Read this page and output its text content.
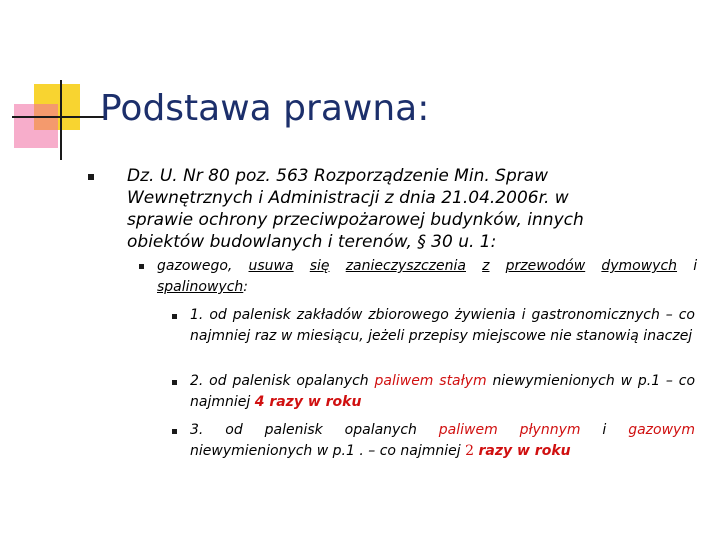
Podstawa prawna:
Dz. U. Nr 80 poz. 563 Rozporządzenie Min. Spraw Wewnętrznych i Administracji z dnia 21.04.2006r. w sprawie ochrony przeciwpożarowej budynków, innych obiektów budowlanych i terenów, § 30 u. 1:
gazowego, usuwa się zanieczyszczenia z przewodów dymowych i spalinowych:
1. od palenisk zakładów zbiorowego żywienia i gastronomicznych – co najmniej raz w miesiącu, jeżeli przepisy miejscowe nie stanowią inaczej
2. od palenisk opalanych paliwem stałym niewymienionych w p.1 – co najmniej 4 razy w roku
3. od palenisk opalanych paliwem płynnym i gazowym niewymienionych w p.1 . – co najmniej 2 razy w roku
